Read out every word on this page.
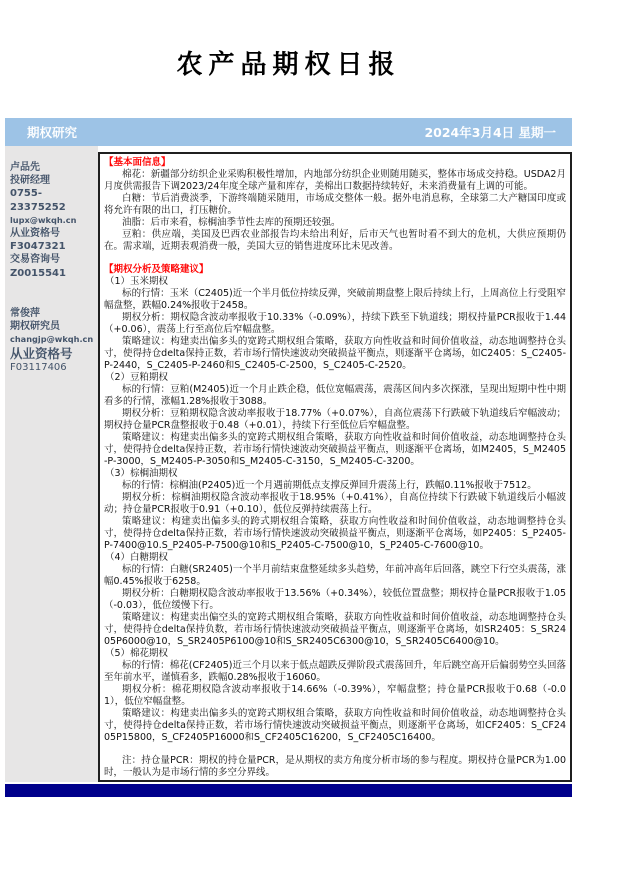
农产品期权日报
期权研究	2024年3月4日 星期一
卢品先
投研经理
0755-23375252
lupx@wkqh.cn
从业资格号
F3047321
交易咨询号
Z0015541
常俊萍
期权研究员
changjp@wkqh.cn
从业资格号
F03117406
【基本面信息】

棉花：新疆部分纺织企业采购积极性增加，内地部分纺织企业则随用随买，整体市场成交持稳。USDA2月月度供需报告下调2023/24年度全球产量和库存，美棉出口数据持续转好，未来消费量有上调的可能。

白糖：节后消费淡季，下游终端随采随用，市场成交整体一般。据外电消息称，全球第二大产糖国印度或将允许有限的出口，打压糖价。

油脂：后市来看，棕榈油季节性去库的预期还较强。

豆粕：供应端，美国及巴西农业部报告均未给出利好，后市天气也暂时看不到大的危机，大供应预期仍在。需求端，近期表观消费一般，美国大豆的销售进度环比未见改善。

【期权分析及策略建议】
（1）玉米期权

标的行情：玉米（C2405)近一个半月低位持续反弹，突破前期盘整上限后持续上行，上周高位上行受阻窄幅盘整，跌幅0.24%报收于2458。

期权分析：期权隐含波动率报收于10.33%（-0.09%），持续下跌至下轨道线；期权持量PCR报收于1.44（+0.06），震荡上行至高位后窄幅盘整。

策略建议：构建卖出偏多头的宽跨式期权组合策略，获取方向性收益和时间价值收益，动态地调整持仓头寸，使得持仓delta保持正数，若市场行情快速波动突破损益平衡点，则逐渐平仓离场，如C2405：S_C2405-P-2440，S_C2405-P-2460和S_C2405-C-2500，S_C2405-C-2520。

（2）豆粕期权

标的行情：豆粕(M2405)近一个月止跌企稳，低位宽幅震荡，震荡区间内多次探涨，呈现出短期中性中期看多的行情，涨幅1.28%报收于3088。

期权分析：豆粕期权隐含波动率报收于18.77%（+0.07%），自高位震荡下行跌破下轨道线后窄幅波动；期权持仓量PCR盘整报收于0.48（+0.01），持续下行至低位后窄幅盘整。

策略建议：构建卖出偏多头的宽跨式期权组合策略，获取方向性收益和时间价值收益，动态地调整持仓头寸，使得持仓delta保持正数，若市场行情快速波动突破损益平衡点，则逐渐平仓离场，如M2405，S_M2405-P-3000，S_M2405-P-3050和S_M2405-C-3150，S_M2405-C-3200。

（3）棕榈油期权

标的行情：棕榈油(P2405)近一个月遇前期低点支撑反弹回升震荡上行，跌幅0.11%报收于7512。

期权分析：棕榈油期权隐含波动率报收于18.95%（+0.41%），自高位持续下行跌破下轨道线后小幅波动；持仓量PCR报收于0.91（+0.10），低位反弹持续震荡上行。

策略建议：构建卖出偏多头的跨式期权组合策略，获取方向性收益和时间价值收益，动态地调整持仓头寸，使得持仓delta保持正数，若市场行情快速波动突破损益平衡点，则逐渐平仓离场，如P2405：S_P2405-P-7400@10.S_P2405-P-7500@10和S_P2405-C-7500@10，S_P2405-C-7600@10。

（4）白糖期权

标的行情：白糖(SR2405)一个半月前结束盘整延续多头趋势，年前冲高年后回落，跳空下行空头震荡，涨幅0.45%报收于6258。

期权分析：白糖期权隐含波动率报收于13.56%（+0.34%），较低位置盘整；期权持仓量PCR报收于1.05（-0.03），低位缓慢下行。

策略建议：构建卖出偏空头的宽跨式期权组合策略，获取方向性收益和时间价值收益，动态地调整持仓头寸，使得持仓delta保持负数，若市场行情快速波动突破损益平衡点，则逐渐平仓离场，如SR2405：S_SR2405P6000@10，S_SR2405P6100@10和S_SR2405C6300@10，S_SR2405C6400@10。

（5）棉花期权

标的行情：棉花(CF2405)近三个月以来于低点超跌反弹阶段式震荡回升，年后跳空高开后偏弱势空头回落至年前水平，谨慎看多，跌幅0.28%报收于16060。

期权分析：棉花期权隐含波动率报收于14.66%（-0.39%），窄幅盘整；持仓量PCR报收于0.68（-0.01），低位窄幅盘整。

策略建议：构建卖出偏多头的宽跨式期权组合策略，获取方向性收益和时间价值收益，动态地调整持仓头寸，使得持仓delta保持正数，若市场行情快速波动突破损益平衡点，则逐渐平仓离场，如CF2405：S_CF2405P15800，S_CF2405P16000和S_CF2405C16200，S_CF2405C16400。

注：持仓量PCR：期权的持仓量PCR，是从期权的卖方角度分析市场的参与程度。期权持仓量PCR为1.00时，一般认为是市场行情的多空分界线。
